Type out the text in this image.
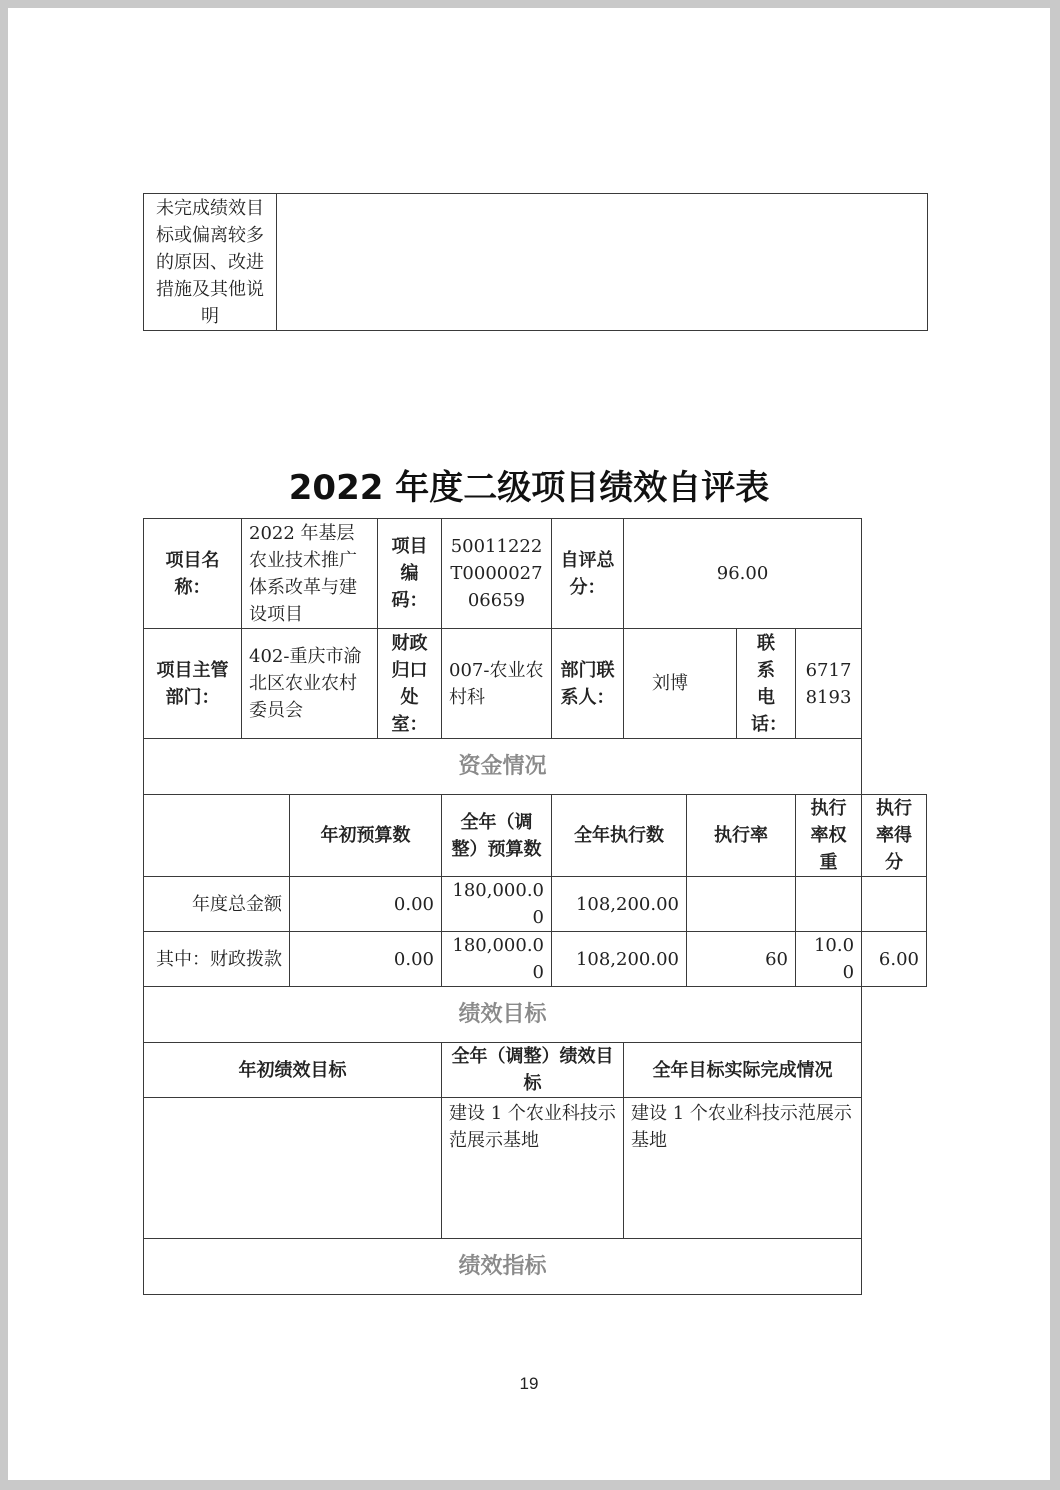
未完成绩效目标或偏离较多的原因、改进措施及其他说明	
2022 年度二级项目绩效自评表
项目名称：	2022 年基层农业技术推广体系改革与建设项目		项目编码：	50011222T000002706659	自评总分：	96.00				
项目主管部门：	402-重庆市渝北区农业农村委员会		财政归口处室：	007-农业农村科	部门联系人：	刘博		联系电话：	67178193	
资金情况										
		年初预算数		全年（调整）预算数	全年执行数		执行率		执行率权重	执行率得分
年度总金额		0.00		180,000.00	108,200.00					
其中：财政拨款		0.00		180,000.00	108,200.00		60		10.00	6.00
绩效目标										
年初绩效目标				全年（调整）绩效目标		全年目标实际完成情况				
				建设 1 个农业科技示范展示基地		建设 1 个农业科技示范展示基地				
绩效指标										
19
